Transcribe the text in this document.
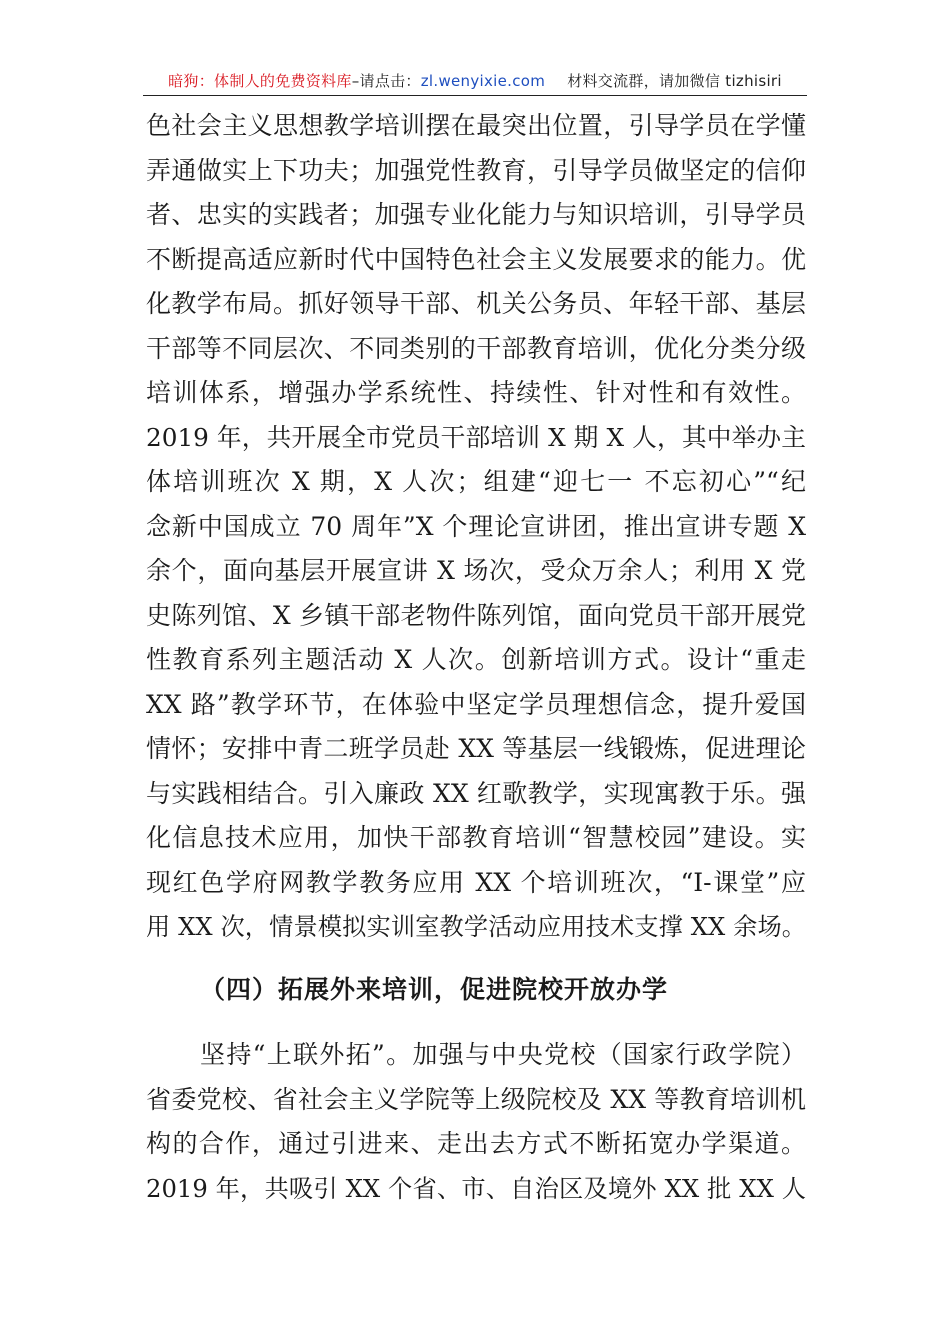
暗狗：体制人的免费资料库–请点击：zl.wenyixie.com 材料交流群，请加微信 tizhisiri
色社会主义思想教学培训摆在最突出位置，引导学员在学懂
弄通做实上下功夫；加强党性教育，引导学员做坚定的信仰
者、忠实的实践者；加强专业化能力与知识培训，引导学员
不断提高适应新时代中国特色社会主义发展要求的能力。优
化教学布局。抓好领导干部、机关公务员、年轻干部、基层
干部等不同层次、不同类别的干部教育培训，优化分类分级
培训体系，增强办学系统性、持续性、针对性和有效性。
2019 年，共开展全市党员干部培训 X 期 X 人，其中举办主
体培训班次 X 期，X 人次；组建“迎七一 不忘初心”“纪
念新中国成立 70 周年”X 个理论宣讲团，推出宣讲专题 X
余个，面向基层开展宣讲 X 场次，受众万余人；利用 X 党
史陈列馆、X 乡镇干部老物件陈列馆，面向党员干部开展党
性教育系列主题活动 X 人次。创新培训方式。设计“重走
XX 路”教学环节，在体验中坚定学员理想信念，提升爱国
情怀；安排中青二班学员赴 XX 等基层一线锻炼，促进理论
与实践相结合。引入廉政 XX 红歌教学，实现寓教于乐。强
化信息技术应用，加快干部教育培训“智慧校园”建设。实
现红色学府网教学教务应用 XX 个培训班次，“I-课堂”应
用 XX 次，情景模拟实训室教学活动应用技术支撑 XX 余场。
（四）拓展外来培训，促进院校开放办学
坚持“上联外拓”。加强与中央党校（国家行政学院）
省委党校、省社会主义学院等上级院校及 XX 等教育培训机
构的合作，通过引进来、走出去方式不断拓宽办学渠道。
2019 年，共吸引 XX 个省、市、自治区及境外 XX 批 XX 人
